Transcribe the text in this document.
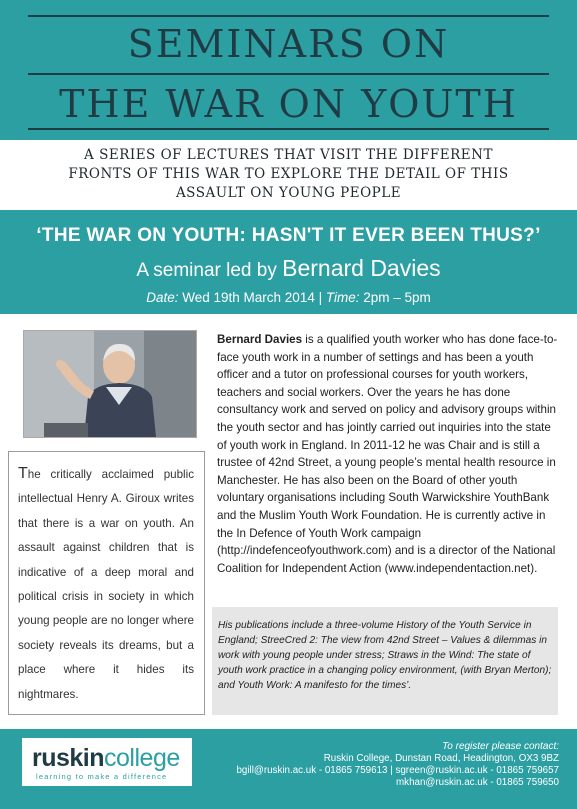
SEMINARS ON
THE WAR ON YOUTH
A SERIES OF LECTURES THAT VISIT THE DIFFERENT
FRONTS OF THIS WAR TO EXPLORE THE DETAIL OF THIS
ASSAULT ON YOUNG PEOPLE
‘THE WAR ON YOUTH: HASN'T IT EVER BEEN THUS?’
A seminar led by Bernard Davies
Date: Wed 19th March 2014 | Time: 2pm – 5pm
The critically acclaimed public intellectual Henry A. Giroux writes that there is a war on youth. An assault against children that is indicative of a deep moral and political crisis in society in which young people are no longer where society reveals its dreams, but a place where it hides its nightmares.
Bernard Davies is a qualified youth worker who has done face-to-face youth work in a number of settings and has been a youth officer and a tutor on professional courses for youth workers, teachers and social workers. Over the years he has done consultancy work and served on policy and advisory groups within the youth sector and has jointly carried out inquiries into the state of youth work in England. In 2011-12 he was Chair and is still a trustee of 42nd Street, a young people’s mental health resource in Manchester. He has also been on the Board of other youth voluntary organisations including South Warwickshire YouthBank and the Muslim Youth Work Foundation. He is currently active in the In Defence of Youth Work campaign (http://indefenceofyouthwork.com) and is a director of the National Coalition for Independent Action (www.independentaction.net).
His publications include a three-volume History of the Youth Service in England; StreeCred 2: The view from 42nd Street – Values & dilemmas in work with young people under stress; Straws in the Wind: The state of youth work practice in a changing policy environment, (with Bryan Merton); and Youth Work: A manifesto for the times’.
ruskincollege
learning to make a difference
To register please contact:
Ruskin College, Dunstan Road, Headington, OX3 9BZ
bgill@ruskin.ac.uk - 01865 759613 | sgreen@ruskin.ac.uk - 01865 759657
mkhan@ruskin.ac.uk - 01865 759650
